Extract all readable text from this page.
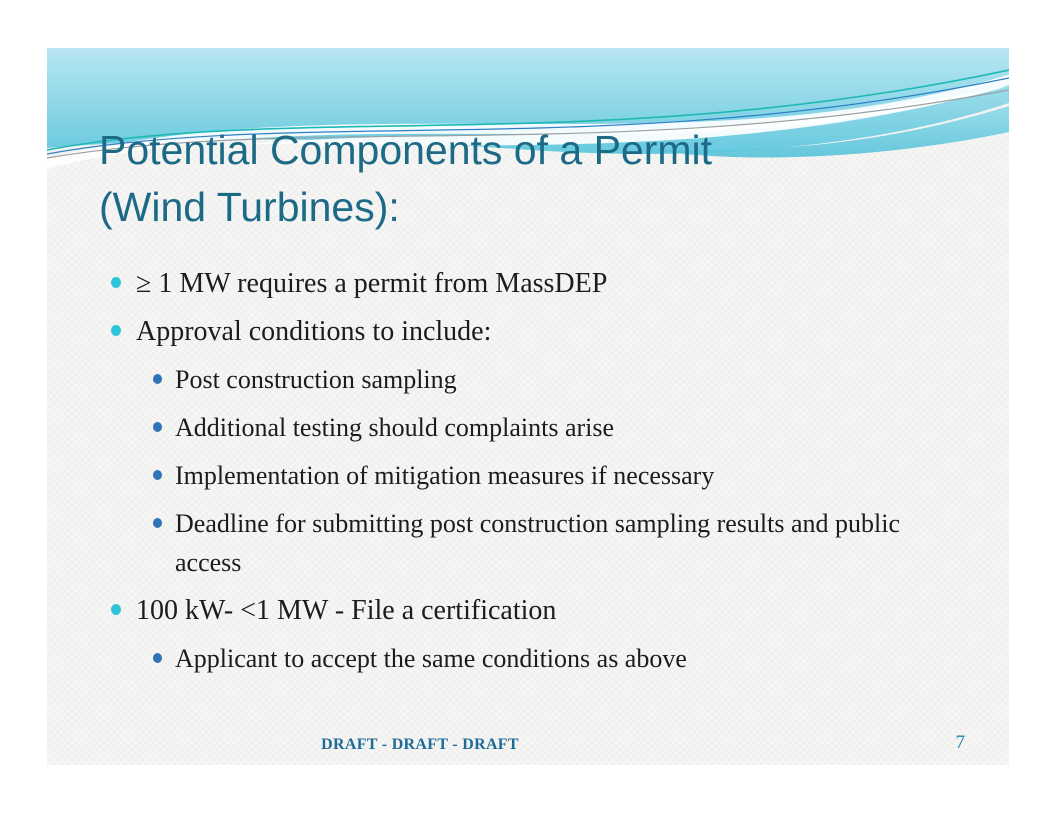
Potential Components of a Permit
(Wind Turbines):
≥ 1 MW requires a permit from MassDEP
Approval conditions to include:
Post construction sampling
Additional testing should complaints arise
Implementation of mitigation measures if necessary
Deadline for submitting post construction sampling results and public access
100 kW- <1 MW - File a certification
Applicant to accept the same conditions as above
DRAFT - DRAFT - DRAFT	7
